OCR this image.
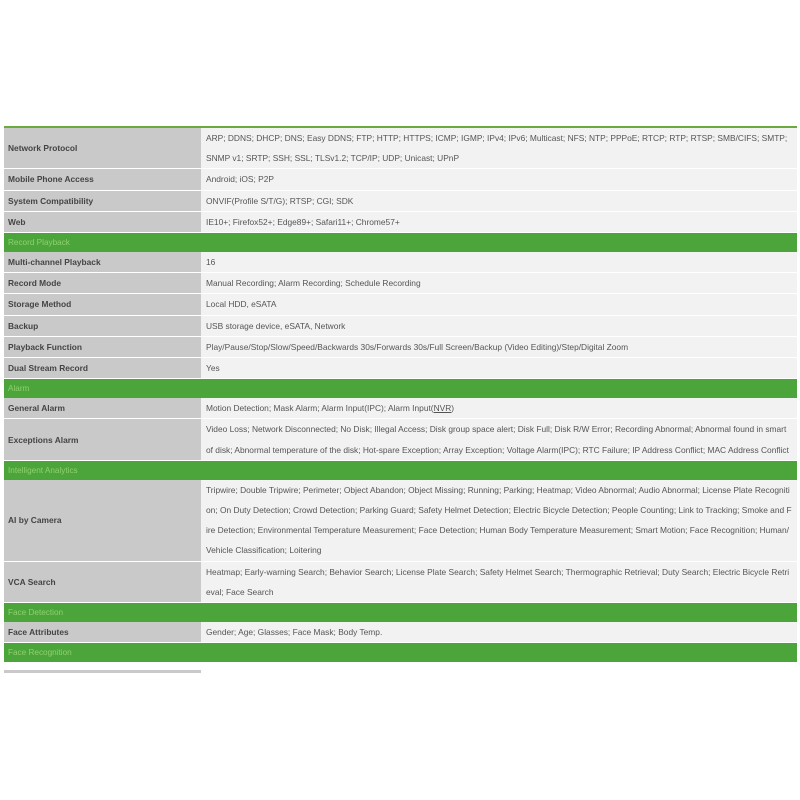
Network Protocol	ARP; DDNS; DHCP; DNS; Easy DDNS; FTP; HTTP; HTTPS; ICMP; IGMP; IPv4; IPv6; Multicast; NFS; NTP; PPPoE; RTCP; RTP; RTSP; SMB/CIFS; SMTP; SNMP v1; SRTP; SSH; SSL; TLSv1.2; TCP/IP; UDP; Unicast; UPnP
Mobile Phone Access	Android; iOS; P2P
System Compatibility	ONVIF(Profile S/T/G); RTSP; CGI; SDK
Web	IE10+; Firefox52+; Edge89+; Safari11+; Chrome57+
Record Playback	
Multi-channel Playback	16
Record Mode	Manual Recording; Alarm Recording; Schedule Recording
Storage Method	Local HDD, eSATA
Backup	USB storage device, eSATA, Network
Playback Function	Play/Pause/Stop/Slow/Speed/Backwards 30s/Forwards 30s/Full Screen/Backup (Video Editing)/Step/Digital Zoom
Dual Stream Record	Yes
Alarm	
General Alarm	Motion Detection; Mask Alarm; Alarm Input(IPC); Alarm Input(NVR)
Exceptions Alarm	Video Loss; Network Disconnected; No Disk; Illegal Access; Disk group space alert; Disk Full; Disk R/W Error; Recording Abnormal; Abnormal found in smart of disk; Abnormal temperature of the disk; Hot-spare Exception; Array Exception; Voltage Alarm(IPC); RTC Failure; IP Address Conflict; MAC Address Conflict
Intelligent Analytics	
AI by Camera	Tripwire; Double Tripwire; Perimeter; Object Abandon; Object Missing; Running; Parking; Heatmap; Video Abnormal; Audio Abnormal; License Plate Recognition; On Duty Detection; Crowd Detection; Parking Guard; Safety Helmet Detection; Electric Bicycle Detection; People Counting; Link to Tracking; Smoke and Fire Detection; Environmental Temperature Measurement; Face Detection; Human Body Temperature Measurement; Smart Motion; Face Recognition; Human/Vehicle Classification; Loitering
VCA Search	Heatmap; Early-warning Search; Behavior Search; License Plate Search; Safety Helmet Search; Thermographic Retrieval; Duty Search; Electric Bicycle Retrieval; Face Search
Face Detection	
Face Attributes	Gender; Age; Glasses; Face Mask; Body Temp.
Face Recognition	
